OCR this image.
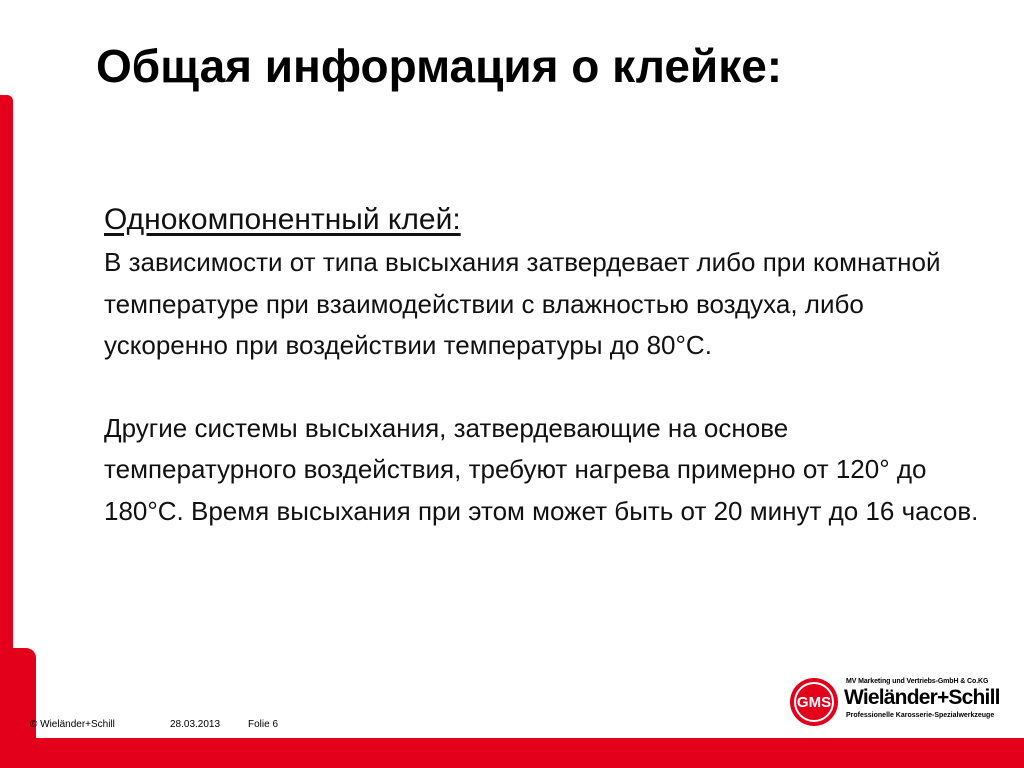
Общая информация о клейке:

Однокомпонентный клей:

В зависимости от типа высыхания затвердевает либо при комнатной температуре при взаимодействии с влажностью воздуха, либо ускоренно при воздействии температуры до 80°С.

Другие системы высыхания, затвердевающие на основе температурного воздействия, требуют нагрева примерно от 120° до 180°С. Время высыхания при этом может быть от 20 минут до 16 часов.

© Wieländer+Schill	28.03.2013	Folie 6
GMS
MV Marketing und Vertriebs-GmbH & Co.KG
Wieländer+Schill
Professionelle Karosserie-Spezialwerkzeuge
